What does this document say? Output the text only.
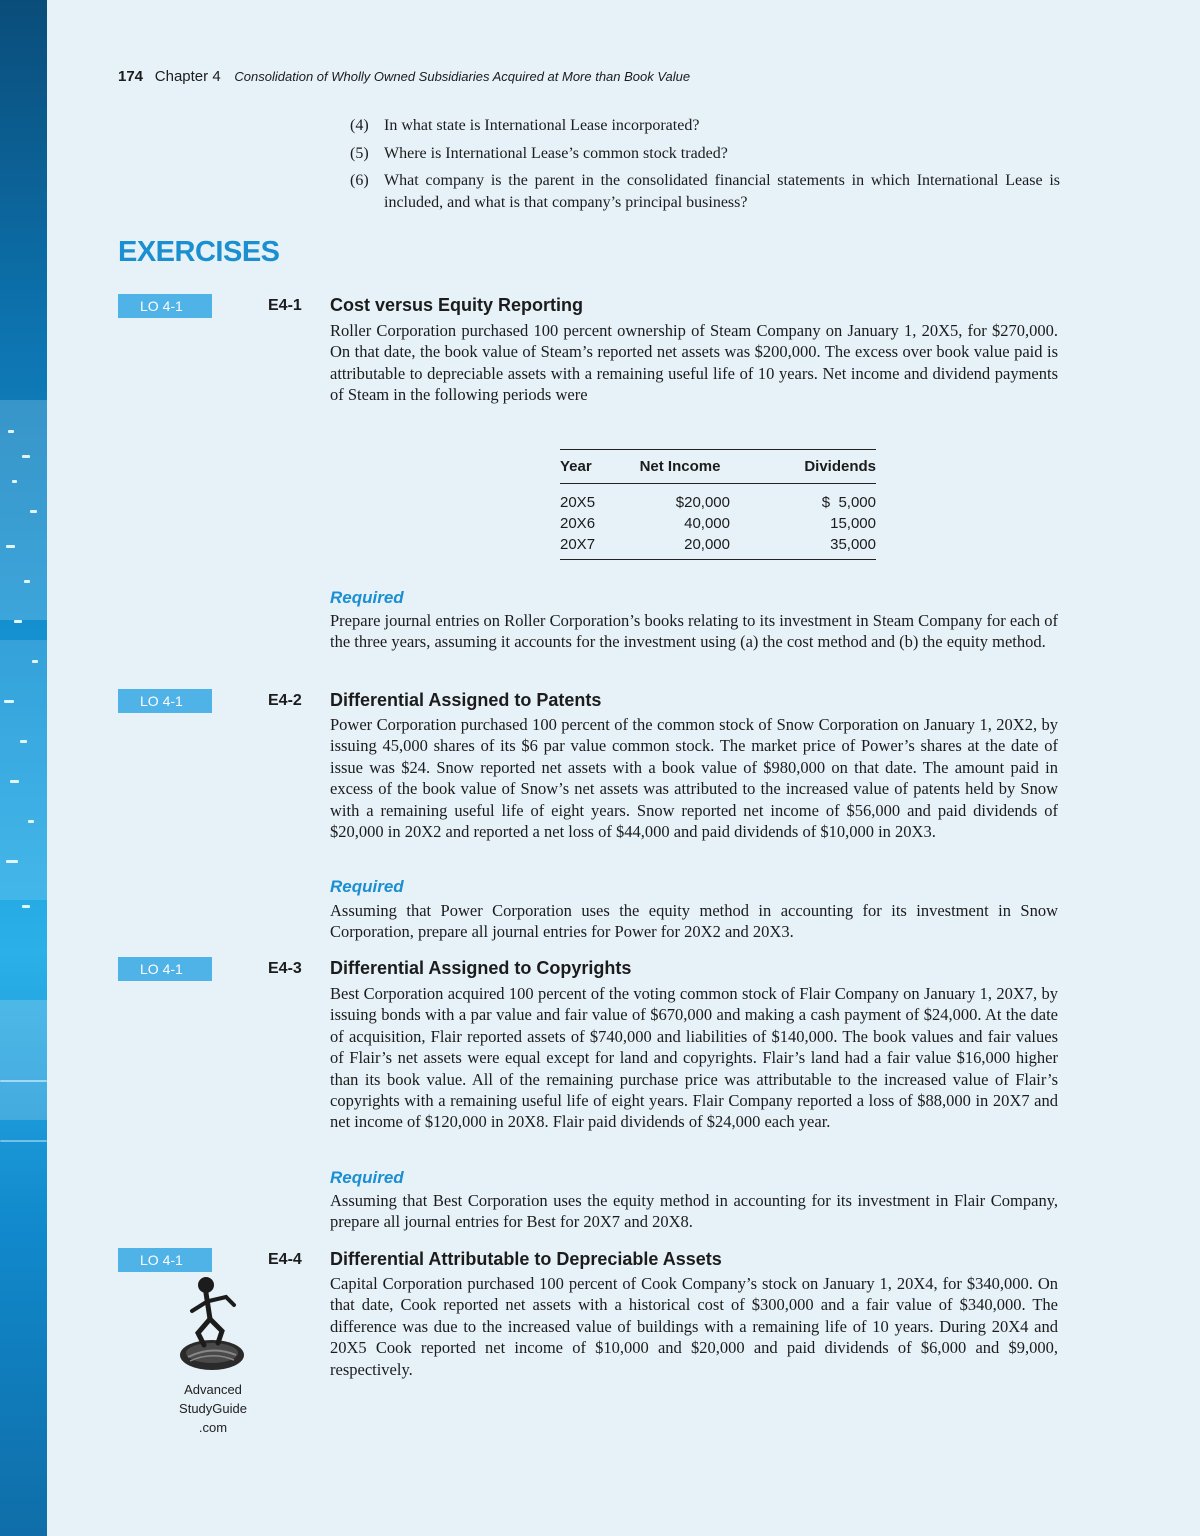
174 Chapter 4 Consolidation of Wholly Owned Subsidiaries Acquired at More than Book Value
(4) In what state is International Lease incorporated?
(5) Where is International Lease’s common stock traded?
(6) What company is the parent in the consolidated financial statements in which International Lease is included, and what is that company’s principal business?
EXERCISES
LO 4-1	E4-1 Cost versus Equity Reporting
Roller Corporation purchased 100 percent ownership of Steam Company on January 1, 20X5, for $270,000. On that date, the book value of Steam’s reported net assets was $200,000. The excess over book value paid is attributable to depreciable assets with a remaining useful life of 10 years. Net income and dividend payments of Steam in the following periods were
Year	Net Income	Dividends
20X5	$20,000	$  5,000
20X6	40,000	15,000
20X7	20,000	35,000
Required
Prepare journal entries on Roller Corporation’s books relating to its investment in Steam Company for each of the three years, assuming it accounts for the investment using (a) the cost method and (b) the equity method.
LO 4-1	E4-2 Differential Assigned to Patents
Power Corporation purchased 100 percent of the common stock of Snow Corporation on January 1, 20X2, by issuing 45,000 shares of its $6 par value common stock. The market price of Power’s shares at the date of issue was $24. Snow reported net assets with a book value of $980,000 on that date. The amount paid in excess of the book value of Snow’s net assets was attributed to the increased value of patents held by Snow with a remaining useful life of eight years. Snow reported net income of $56,000 and paid dividends of $20,000 in 20X2 and reported a net loss of $44,000 and paid dividends of $10,000 in 20X3.
Required
Assuming that Power Corporation uses the equity method in accounting for its investment in Snow Corporation, prepare all journal entries for Power for 20X2 and 20X3.
LO 4-1	E4-3 Differential Assigned to Copyrights
Best Corporation acquired 100 percent of the voting common stock of Flair Company on January 1, 20X7, by issuing bonds with a par value and fair value of $670,000 and making a cash payment of $24,000. At the date of acquisition, Flair reported assets of $740,000 and liabilities of $140,000. The book values and fair values of Flair’s net assets were equal except for land and copyrights. Flair’s land had a fair value $16,000 higher than its book value. All of the remaining purchase price was attributable to the increased value of Flair’s copyrights with a remaining useful life of eight years. Flair Company reported a loss of $88,000 in 20X7 and net income of $120,000 in 20X8. Flair paid dividends of $24,000 each year.
Required
Assuming that Best Corporation uses the equity method in accounting for its investment in Flair Company, prepare all journal entries for Best for 20X7 and 20X8.
LO 4-1	E4-4 Differential Attributable to Depreciable Assets
Capital Corporation purchased 100 percent of Cook Company’s stock on January 1, 20X4, for $340,000. On that date, Cook reported net assets with a historical cost of $300,000 and a fair value of $340,000. The difference was due to the increased value of buildings with a remaining life of 10 years. During 20X4 and 20X5 Cook reported net income of $10,000 and $20,000 and paid dividends of $6,000 and $9,000, respectively.
Advanced
StudyGuide
.com
